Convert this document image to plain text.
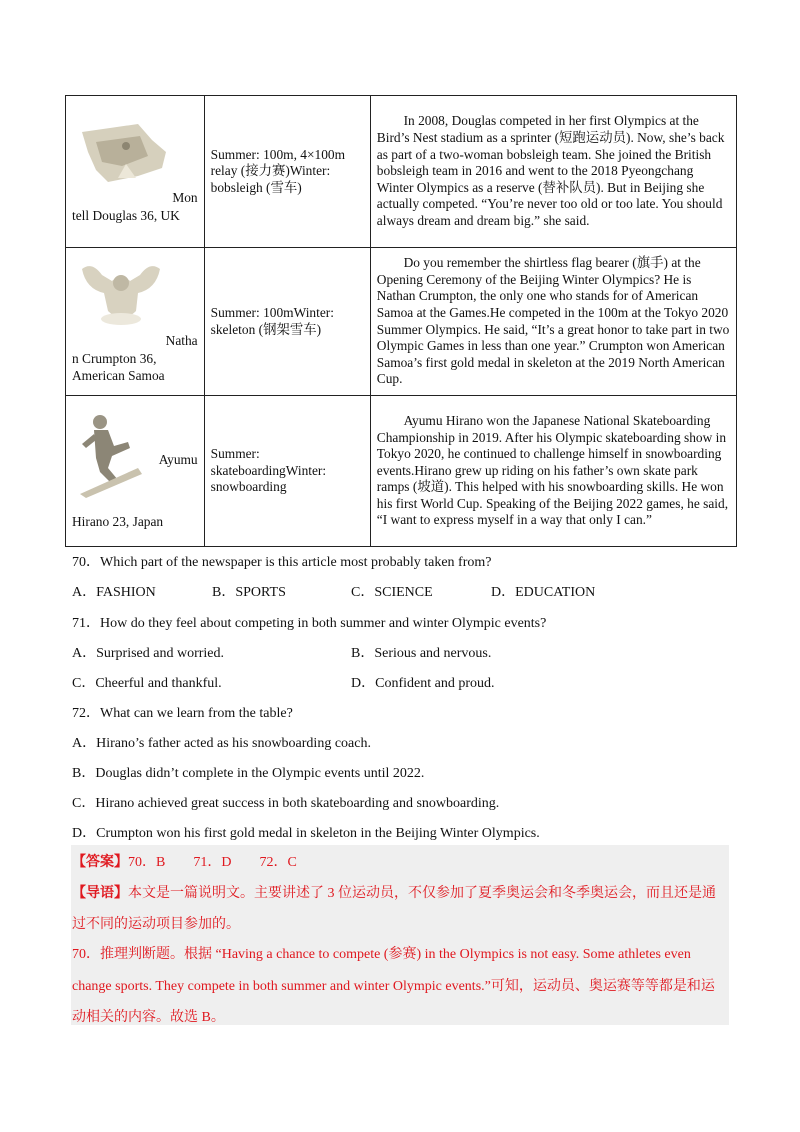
Mon
tell Douglas 36, UK	Summer: 100m, 4×100m relay (接力赛)Winter: bobsleigh (雪车)	In 2008, Douglas competed in her first Olympics at the Bird’s Nest stadium as a sprinter (短跑运动员). Now, she’s back as part of a two-woman bobsleigh team. She joined the British bobsleigh team in 2016 and went to the 2018 Pyeongchang Winter Olympics as a reserve (替补队员). But in Beijing she actually competed. “You’re never too old or too late. You should always dream and dream big.” she said.

Natha
n Crumpton 36, American Samoa	Summer: 100mWinter: skeleton (钢架雪车)	Do you remember the shirtless flag bearer (旗手) at the Opening Ceremony of the Beijing Winter Olympics? He is Nathan Crumpton, the only one who stands for of American Samoa at the Games.He competed in the 100m at the Tokyo 2020 Summer Olympics. He said, “It’s a great honor to take part in two Olympic Games in less than one year.” Crumpton won American Samoa’s first gold medal in skeleton at the 2019 North American Cup.

Ayumu
Hirano 23, Japan	Summer: skateboardingWinter: snowboarding	Ayumu Hirano won the Japanese National Skateboarding Championship in 2019. After his Olympic skateboarding show in Tokyo 2020, he continued to challenge himself in snowboarding events.Hirano grew up riding on his father’s own skate park ramps (坡道). This helped with his snowboarding skills. He won his first World Cup. Speaking of the Beijing 2022 games, he said, “I want to express myself in a way that only I can.”

70．Which part of the newspaper is this article most probably taken from?
A．FASHION	B．SPORTS	C．SCIENCE	D．EDUCATION
71．How do they feel about competing in both summer and winter Olympic events?
A．Surprised and worried.	B．Serious and nervous.
C．Cheerful and thankful.	D．Confident and proud.
72．What can we learn from the table?
A．Hirano’s father acted as his snowboarding coach.
B．Douglas didn’t complete in the Olympic events until 2022.
C．Hirano achieved great success in both skateboarding and snowboarding.
D．Crumpton won his first gold medal in skeleton in the Beijing Winter Olympics.
【答案】70．B　　71．D　　72．C
【导语】本文是一篇说明文。主要讲述了 3 位运动员，不仅参加了夏季奥运会和冬季奥运会，而且还是通
过不同的运动项目参加的。
70．推理判断题。根据 “Having a chance to compete (参赛) in the Olympics is not easy. Some athletes even
change sports. They compete in both summer and winter Olympic events.”可知，运动员、奥运赛等等都是和运
动相关的内容。故选 B。
